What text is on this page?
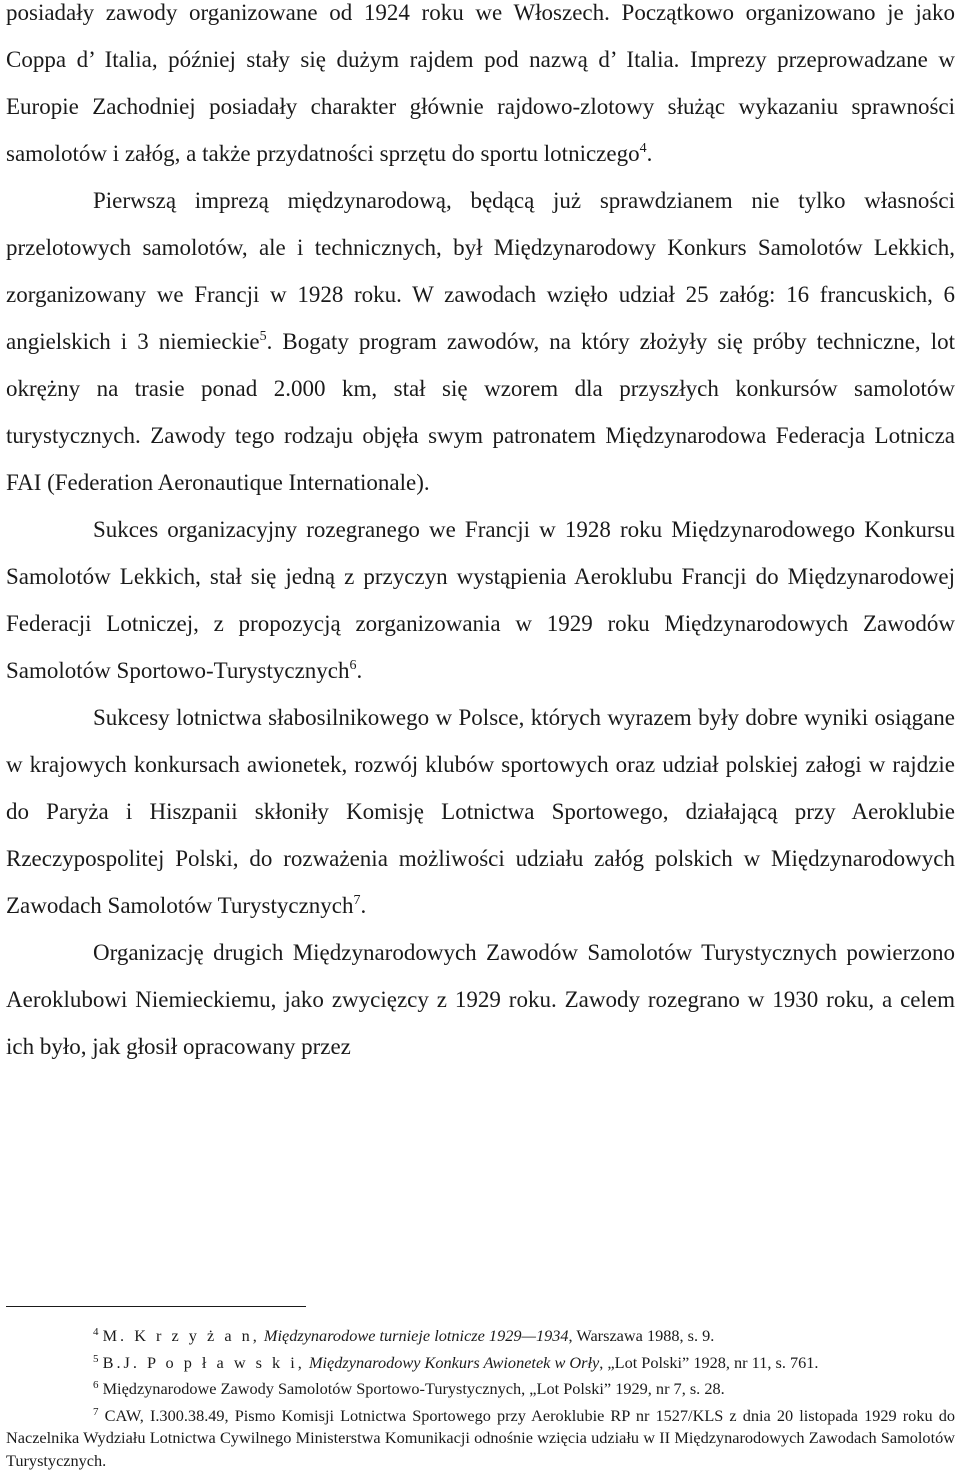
posiadały zawody organizowane od 1924 roku we Włoszech. Początkowo organizowano je jako Coppa d’ Italia, później stały się dużym rajdem pod nazwą d’ Italia. Imprezy przeprowadzane w Europie Zachodniej posiadały charakter głównie rajdowo-zlotowy służąc wykazaniu sprawności samolotów i załóg, a także przydatności sprzętu do sportu lotniczego$^4$.

Pierwszą imprezą międzynarodową, będącą już sprawdzianem nie tylko własności przelotowych samolotów, ale i technicznych, był Międzynarodowy Konkurs Samolotów Lekkich, zorganizowany we Francji w 1928 roku. W zawodach wzięło udział 25 załóg: 16 francuskich, 6 angielskich i 3 niemieckie$^5$. Bogaty program zawodów, na który złożyły się próby techniczne, lot okrężny na trasie ponad 2.000 km, stał się wzorem dla przyszłych konkursów samolotów turystycznych. Zawody tego rodzaju objęła swym patronatem Międzynarodowa Federacja Lotnicza FAI (Federation Aeronautique Internationale).

Sukces organizacyjny rozegranego we Francji w 1928 roku Międzynarodowego Konkursu Samolotów Lekkich, stał się jedną z przyczyn wystąpienia Aeroklubu Francji do Międzynarodowej Federacji Lotniczej, z propozycją zorganizowania w 1929 roku Międzynarodowych Zawodów Samolotów Sportowo-Turystycznych$^6$.

Sukcesy lotnictwa słabosilnikowego w Polsce, których wyrazem były dobre wyniki osiągane w krajowych konkursach awionetek, rozwój klubów sportowych oraz udział polskiej załogi w rajdzie do Paryża i Hiszpanii skłoniły Komisję Lotnictwa Sportowego, działającą przy Aeroklubie Rzeczypospolitej Polski, do rozważenia możliwości udziału załóg polskich w Międzynarodowych Zawodach Samolotów Turystycznych$^7$.

Organizację drugich Międzynarodowych Zawodów Samolotów Turystycznych powierzono Aeroklubowi Niemieckiemu, jako zwycięzcy z 1929 roku. Zawody rozegrano w 1930 roku, a celem ich było, jak głosił opracowany przez

$^4$ M. K r z y ż a n, Międzynarodowe turnieje lotnicze 1929—1934, Warszawa 1988, s. 9.

$^5$ B.J. P o p ł a w s k i, Międzynarodowy Konkurs Awionetek w Orły, „Lot Polski” 1928, nr 11, s. 761.

$^6$ Międzynarodowe Zawody Samolotów Sportowo-Turystycznych, „Lot Polski” 1929, nr 7, s. 28.

$^7$ CAW, I.300.38.49, Pismo Komisji Lotnictwa Sportowego przy Aeroklubie RP nr 1527/KLS z dnia 20 listopada 1929 roku do Naczelnika Wydziału Lotnictwa Cywilnego Ministerstwa Komunikacji odnośnie wzięcia udziału w II Międzynarodowych Zawodach Samolotów Turystycznych.
